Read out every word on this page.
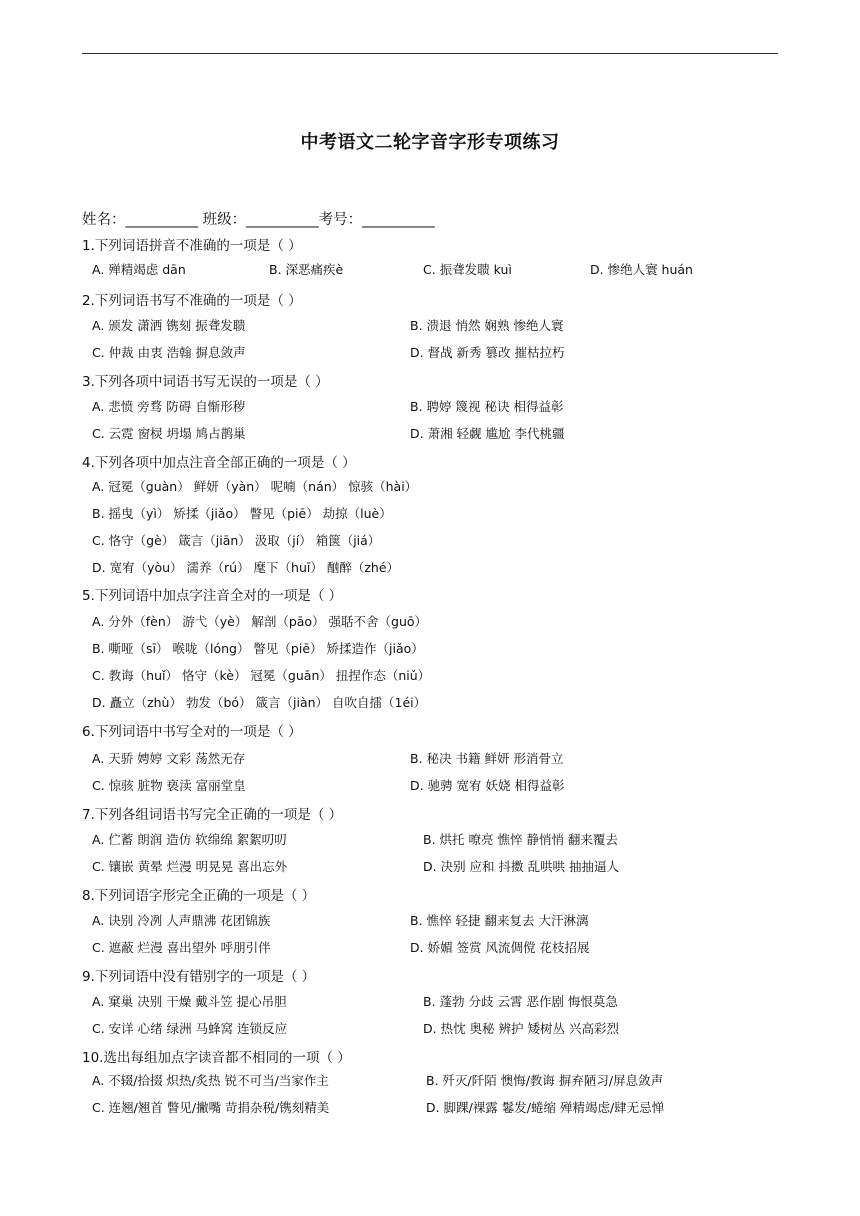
中考语文二轮字音字形专项练习
姓名：__________ 班级：__________考号：__________
1.下列词语拼音不准确的一项是（ ）
A. 殚精竭虑 dān	B. 深恶痛疾è	C. 振聋发聩 kuì	D. 惨绝人寰 huán
2.下列词语书写不准确的一项是（ ）
A. 颁发 潇洒 镌刻 振聋发聩	B. 溃退 悄然 娴熟 惨绝人寰
C. 仲裁 由衷 浩翰 摒息敛声	D. 督战 新秀 篡改 摧枯拉朽
3.下列各项中词语书写无误的一项是（ ）
A. 悲愤 旁骛 防碍 自惭形秽	B. 聘婷 篾视 秘诀 相得益彰
C. 云霓 窗棂 坍塌 鸠占鹊巢	D. 萧湘 轻觑 尴尬 李代桃疆
4.下列各项中加点注音全部正确的一项是（ ）
A. 冠冕（guàn） 鲜妍（yàn） 呢喃（nán） 惊骇（hài）
B. 摇曳（yì） 矫揉（jiǎo） 瞥见（piē） 劫掠（luè）
C. 恪守（gè） 箴言（jiān） 汲取（jí） 箱箧（jiá）
D. 宽宥（yòu） 濡养（rú） 麾下（huī） 酗醉（zhé）
5.下列词语中加点字注音全对的一项是（ ）
A. 分外（fèn） 游弋（yè） 解剖（pāo） 强聒不舍（guō）
B. 嘶哑（sī） 喉咙（lóng） 瞥见（piē） 矫揉造作（jiǎo）
C. 教诲（huǐ） 恪守（kè） 冠冕（guān） 扭捏作态（niǔ）
D. 矗立（zhù） 勃发（bó） 箴言（jiàn） 自吹自擂（1éi）
6.下列词语中书写全对的一项是（ ）
A. 天骄 娉婷 文彩 荡然无存	B. 秘决 书籍 鲜妍 形消骨立
C. 惊骇 脏物 亵渎 富丽堂皇	D. 驰骋 宽宥 妖娆 相得益彰
7.下列各组词语书写完全正确的一项是（ ）
A. 伫蓄 朗润 造仿 软绵绵 絮絮叨叨	B. 烘托 嘹亮 憔悴 静悄悄 翻来覆去
C. 镶嵌 黄晕 烂漫 明晃晃 喜出忘外	D. 决别 应和 抖擞 乱哄哄 抽抽逼人
8.下列词语字形完全正确的一项是（ ）
A. 诀别 冷冽 人声鼎沸 花团锦族	B. 憔悴 轻捷 翻来复去 大汗淋漓
C. 遮蔽 烂漫 喜出望外 呼朋引伴	D. 娇媚 签赏 风流倜傥 花枝招展
9.下列词语中没有错别字的一项是（ ）
A. 窠巢 决别 干燥 戴斗笠 提心吊胆	B. 蓬勃 分歧 云霄 恶作剧 悔恨莫急
C. 安详 心绪 绿洲 马蜂窝 连锁反应	D. 热忱 奥秘 辨护 矮树丛 兴高彩烈
10.选出每组加点字读音都不相同的一项（ ）
A. 不辍/拾掇 炽热/炙热 锐不可当/当家作主	B. 歼灭/阡陌 懊悔/教诲 摒弃陋习/屏息敛声
C. 连翘/翘首 瞥见/撇嘴 苛捐杂税/镌刻精美	D. 脚踝/裸露 鬈发/蜷缩 殚精竭虑/肆无忌惮
